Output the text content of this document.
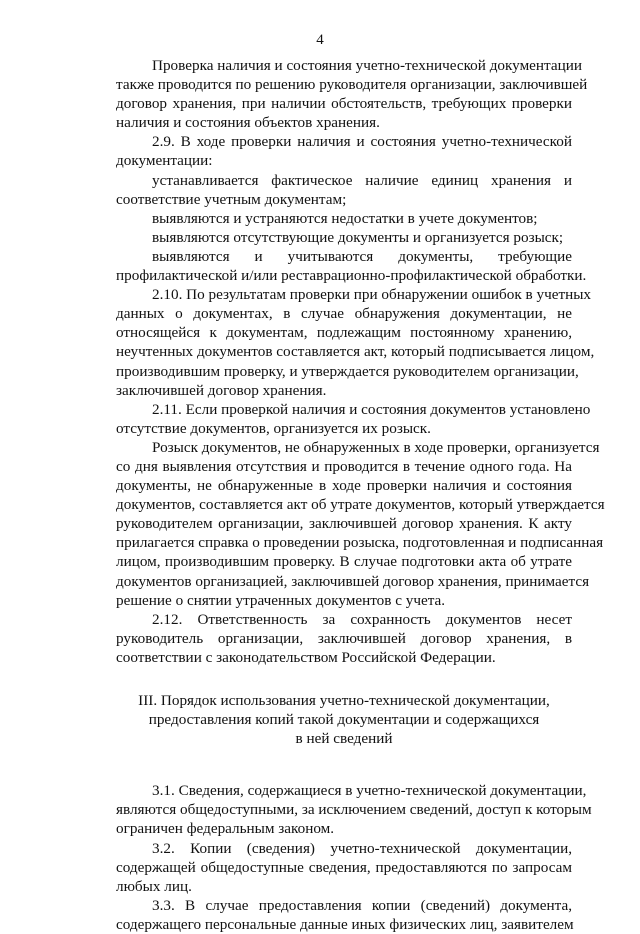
4
Проверка наличия и состояния учетно-технической документации
также проводится по решению руководителя организации, заключившей
договор хранения, при наличии обстоятельств, требующих проверки
наличия и состояния объектов хранения.
2.9. В ходе проверки наличия и состояния учетно-технической
документации:
устанавливается фактическое наличие единиц хранения и
соответствие учетным документам;
выявляются и устраняются недостатки в учете документов;
выявляются отсутствующие документы и организуется розыск;
выявляются и учитываются документы, требующие
профилактической и/или реставрационно-профилактической обработки.
2.10. По результатам проверки при обнаружении ошибок в учетных
данных о документах, в случае обнаружения документации, не
относящейся к документам, подлежащим постоянному хранению,
неучтенных документов составляется акт, который подписывается лицом,
производившим проверку, и утверждается руководителем организации,
заключившей договор хранения.
2.11. Если проверкой наличия и состояния документов установлено
отсутствие документов, организуется их розыск.
Розыск документов, не обнаруженных в ходе проверки, организуется
со дня выявления отсутствия и проводится в течение одного года. На
документы, не обнаруженные в ходе проверки наличия и состояния
документов, составляется акт об утрате документов, который утверждается
руководителем организации, заключившей договор хранения. К акту
прилагается справка о проведении розыска, подготовленная и подписанная
лицом, производившим проверку. В случае подготовки акта об утрате
документов организацией, заключившей договор хранения, принимается
решение о снятии утраченных документов с учета.
2.12. Ответственность за сохранность документов несет
руководитель организации, заключившей договор хранения, в
соответствии с законодательством Российской Федерации.
III. Порядок использования учетно-технической документации,
предоставления копий такой документации и содержащихся
в ней сведений
3.1. Сведения, содержащиеся в учетно-технической документации,
являются общедоступными, за исключением сведений, доступ к которым
ограничен федеральным законом.
3.2. Копии (сведения) учетно-технической документации,
содержащей общедоступные сведения, предоставляются по запросам
любых лиц.
3.3. В случае предоставления копии (сведений) документа,
содержащего персональные данные иных физических лиц, заявителем
